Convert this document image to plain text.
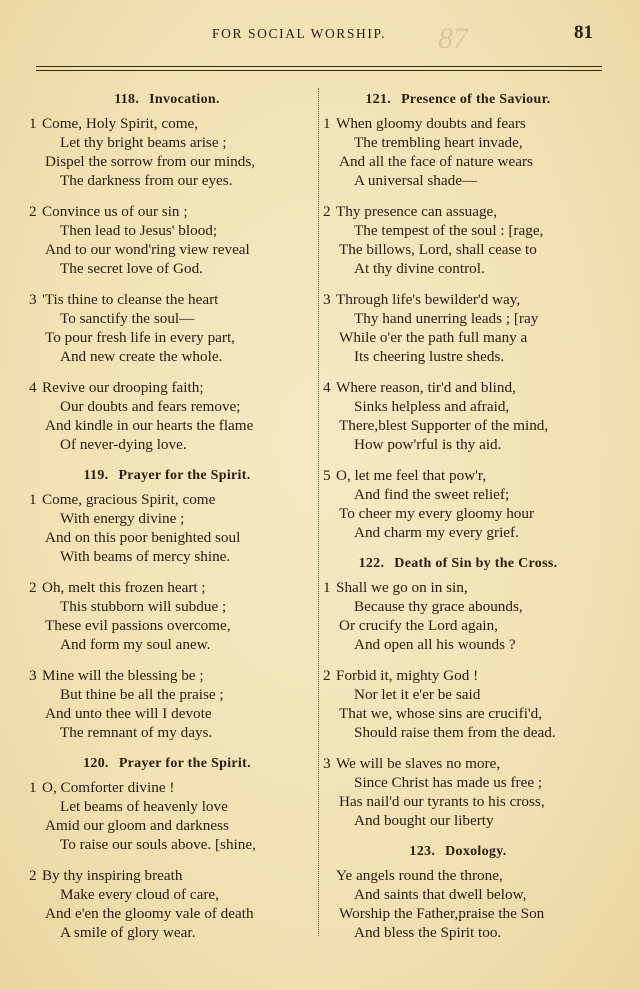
FOR SOCIAL WORSHIP. 87	81
118. Invocation.
1 Come, Holy Spirit, come,
Let thy bright beams arise ;
Dispel the sorrow from our minds,
The darkness from our eyes.
2 Convince us of our sin ;
Then lead to Jesus' blood;
And to our wond'ring view reveal
The secret love of God.
3 'Tis thine to cleanse the heart
To sanctify the soul—
To pour fresh life in every part,
And new create the whole.
4 Revive our drooping faith;
Our doubts and fears remove;
And kindle in our hearts the flame
Of never-dying love.
119. Prayer for the Spirit.
1 Come, gracious Spirit, come
With energy divine ;
And on this poor benighted soul
With beams of mercy shine.
2 Oh, melt this frozen heart ;
This stubborn will subdue ;
These evil passions overcome,
And form my soul anew.
3 Mine will the blessing be ;
But thine be all the praise ;
And unto thee will I devote
The remnant of my days.
120. Prayer for the Spirit.
1 O, Comforter divine !
Let beams of heavenly love
Amid our gloom and darkness
To raise our souls above. [shine,
2 By thy inspiring breath
Make every cloud of care,
And e'en the gloomy vale of death
A smile of glory wear.
121. Presence of the Saviour.
1 When gloomy doubts and fears
The trembling heart invade,
And all the face of nature wears
A universal shade—
2 Thy presence can assuage,
The tempest of the soul : [rage,
The billows, Lord, shall cease to
At thy divine control.
3 Through life's bewilder'd way,
Thy hand unerring leads ; [ray
While o'er the path full many a
Its cheering lustre sheds.
4 Where reason, tir'd and blind,
Sinks helpless and afraid,
There,blest Supporter of the mind,
How pow'rful is thy aid.
5 O, let me feel that pow'r,
And find the sweet relief;
To cheer my every gloomy hour
And charm my every grief.
122. Death of Sin by the Cross.
1 Shall we go on in sin,
Because thy grace abounds,
Or crucify the Lord again,
And open all his wounds ?
2 Forbid it, mighty God !
Nor let it e'er be said
That we, whose sins are crucifi'd,
Should raise them from the dead.
3 We will be slaves no more,
Since Christ has made us free ;
Has nail'd our tyrants to his cross,
And bought our liberty
123. Doxology.
Ye angels round the throne,
And saints that dwell below,
Worship the Father,praise the Son
And bless the Spirit too.
